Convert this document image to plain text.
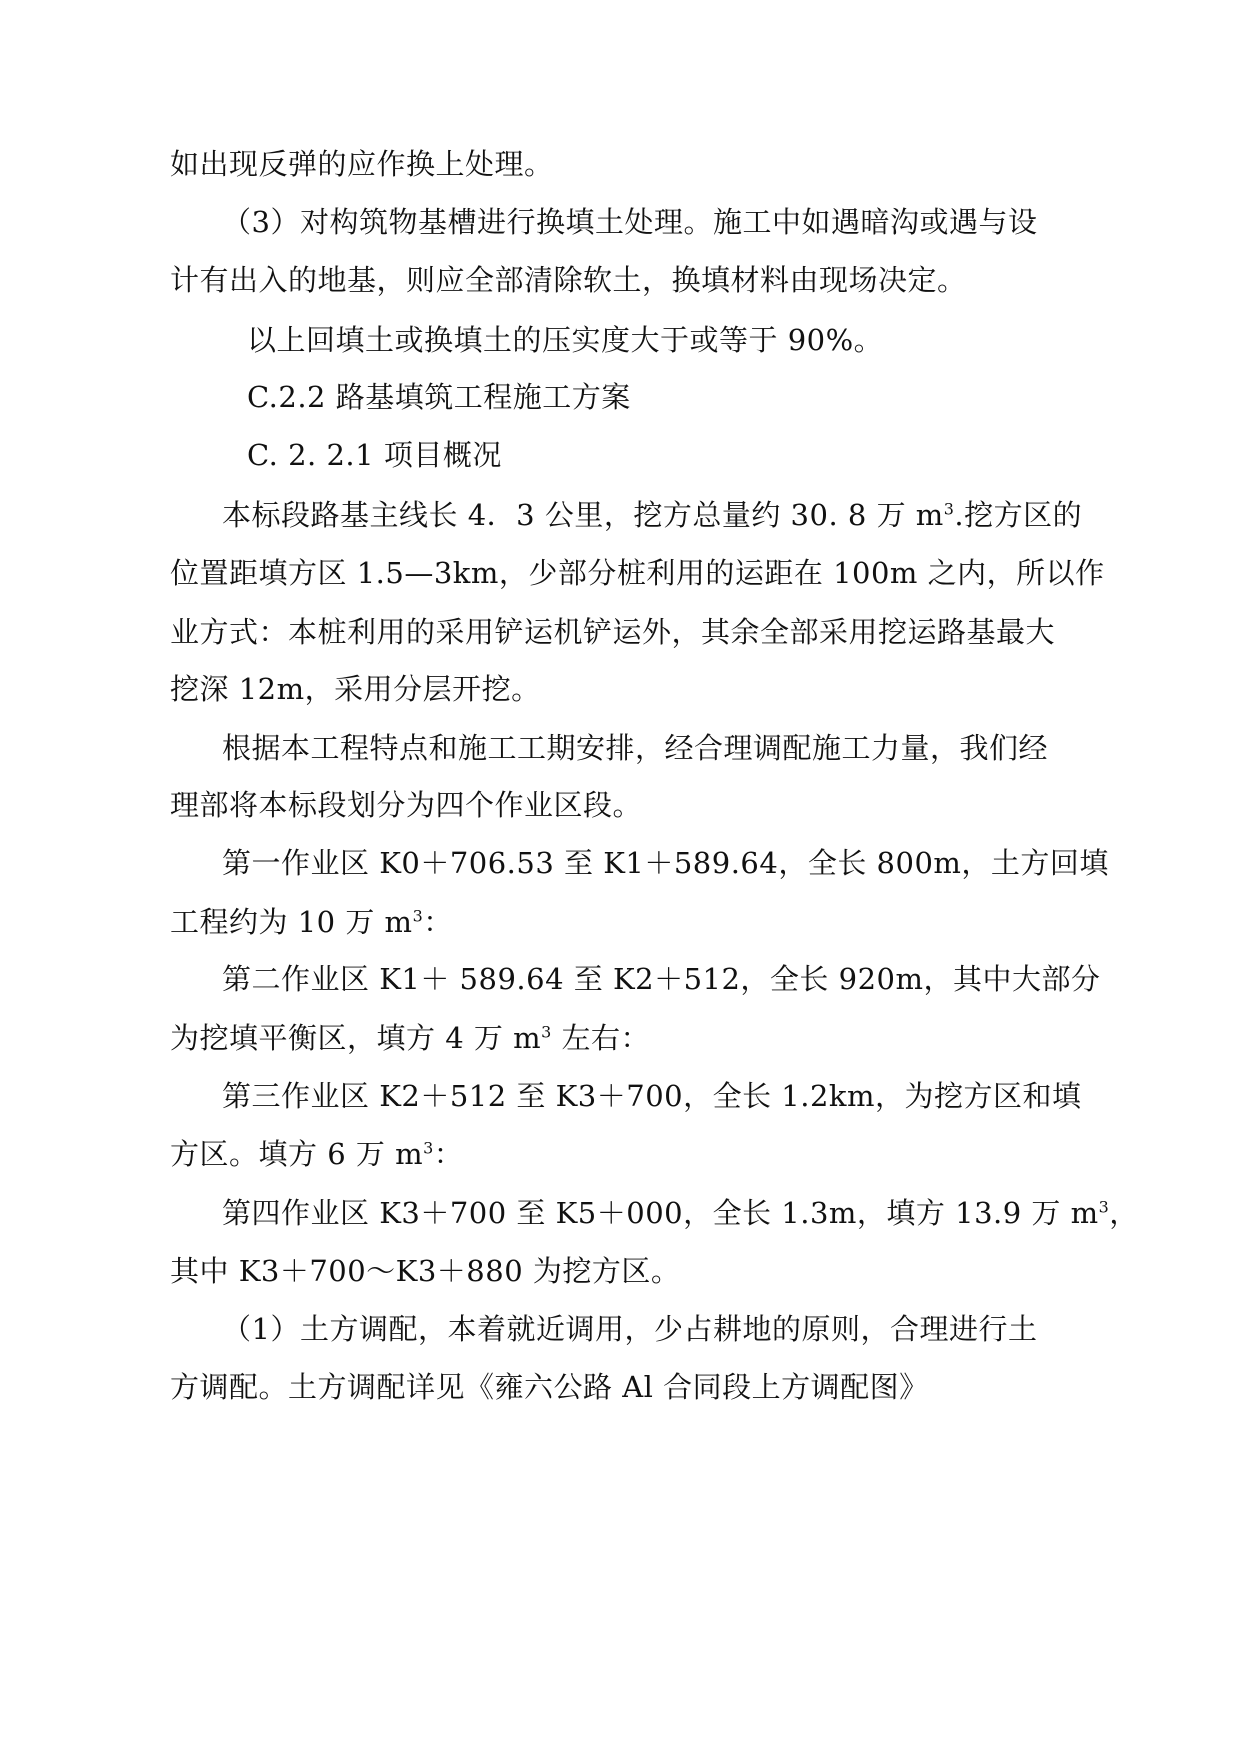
如出现反弹的应作换上处理。
（3）对构筑物基槽进行换填土处理。施工中如遇暗沟或遇与设
计有出入的地基，则应全部清除软土，换填材料由现场决定。
以上回填土或换填土的压实度大于或等于 90%。
C.2.2 路基填筑工程施工方案
C. 2. 2.1 项目概况
本标段路基主线长 4．3 公里，挖方总量约 30. 8 万 $m^3$.挖方区的
位置距填方区 1.5—3km，少部分桩利用的运距在 100m 之内，所以作
业方式：本桩利用的采用铲运机铲运外，其余全部采用挖运路基最大
挖深 12m，采用分层开挖。
根据本工程特点和施工工期安排，经合理调配施工力量，我们经
理部将本标段划分为四个作业区段。
第一作业区 K0＋706.53 至 K1＋589.64，全长 800m，土方回填
工程约为 10 万 $m^3$：
第二作业区 K1＋ 589.64 至 K2＋512，全长 920m，其中大部分
为挖填平衡区，填方 4 万 $m^3$ 左右：
第三作业区 K2＋512 至 K3＋700，全长 1.2km，为挖方区和填
方区。填方 6 万 $m^3$：
第四作业区 K3＋700 至 K5＋000，全长 1.3m，填方 13.9 万 $m^3$，
其中 K3＋700～K3＋880 为挖方区。
（1）土方调配，本着就近调用，少占耕地的原则，合理进行土
方调配。土方调配详见《雍六公路 Al 合同段上方调配图》
